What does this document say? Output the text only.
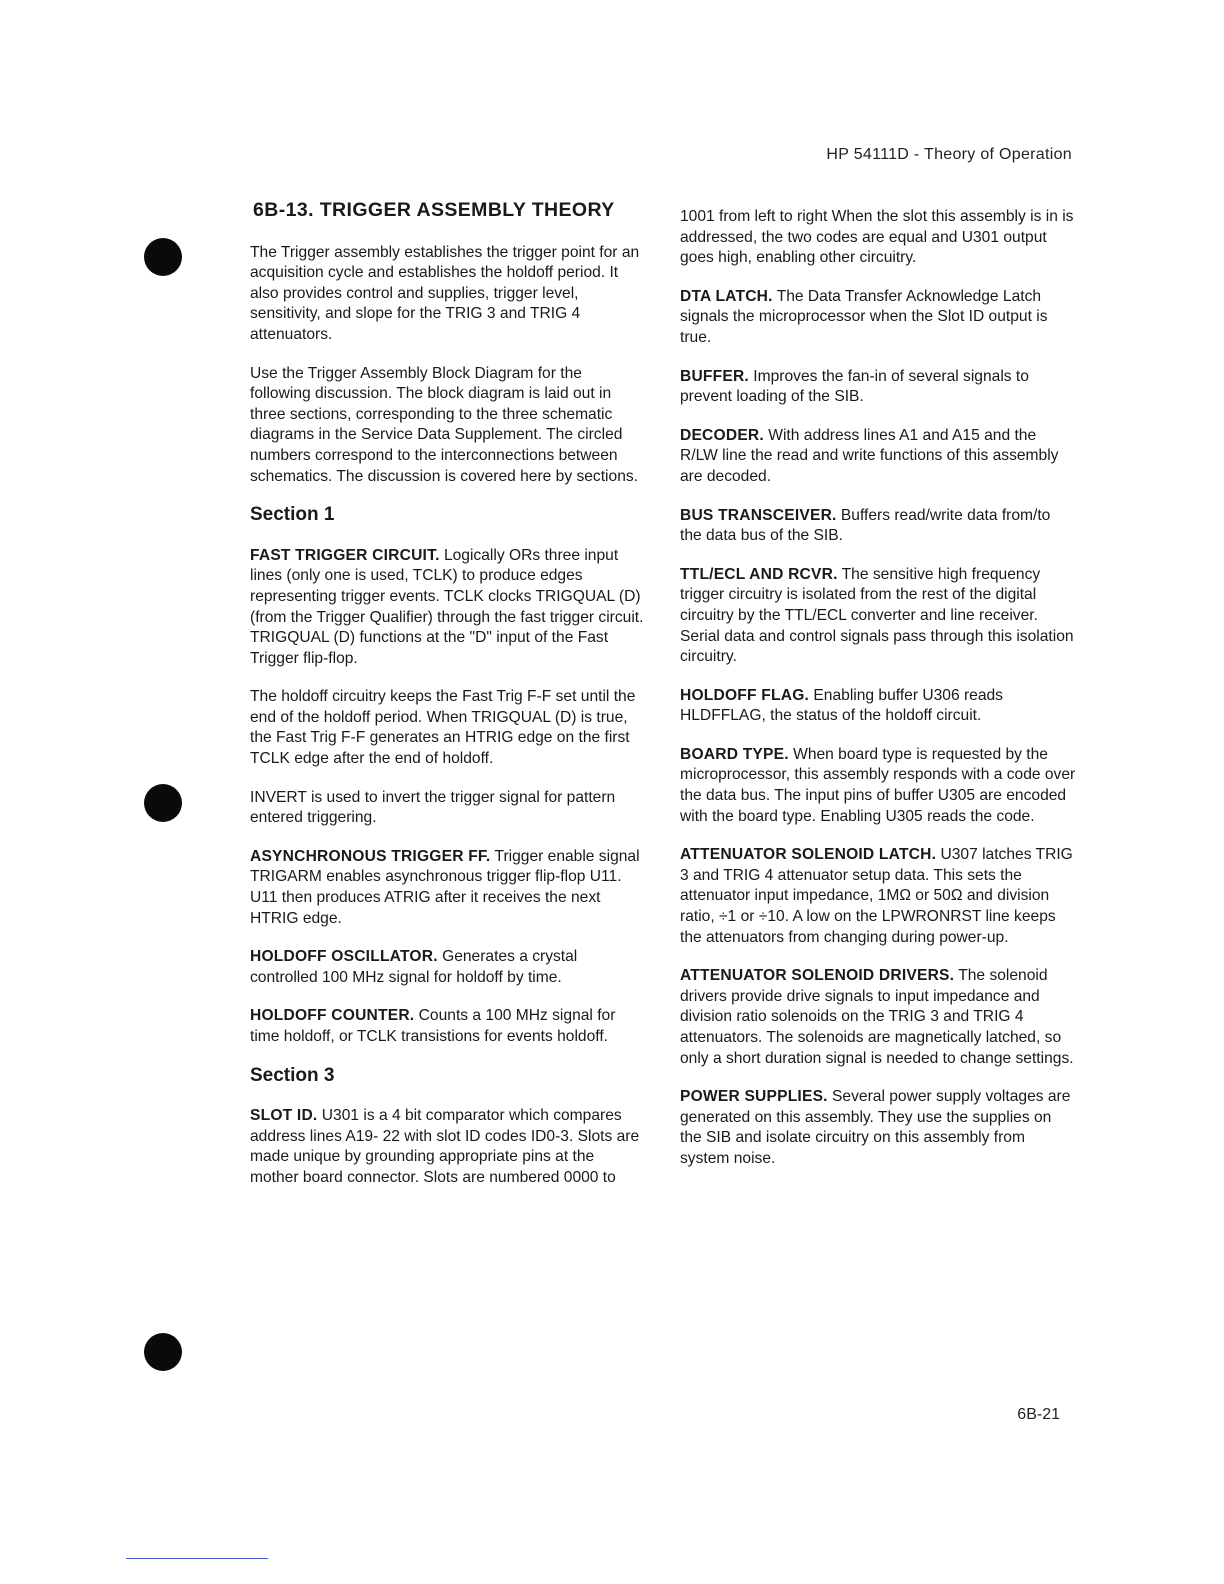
HP 54111D - Theory of Operation
6B-13. TRIGGER ASSEMBLY THEORY

The Trigger assembly establishes the trigger point for an acquisition cycle and establishes the holdoff period. It also provides control and supplies, trigger level, sensitivity, and slope for the TRIG 3 and TRIG 4 attenuators.

Use the Trigger Assembly Block Diagram for the following discussion. The block diagram is laid out in three sections, corresponding to the three schematic diagrams in the Service Data Supplement. The circled numbers correspond to the interconnections between schematics. The discussion is covered here by sections.

Section 1

FAST TRIGGER CIRCUIT. Logically ORs three input lines (only one is used, TCLK) to produce edges representing trigger events. TCLK clocks TRIGQUAL (D) (from the Trigger Qualifier) through the fast trigger circuit. TRIGQUAL (D) functions at the "D" input of the Fast Trigger flip-flop.

The holdoff circuitry keeps the Fast Trig F-F set until the end of the holdoff period. When TRIGQUAL (D) is true, the Fast Trig F-F generates an HTRIG edge on the first TCLK edge after the end of holdoff.

INVERT is used to invert the trigger signal for pattern entered triggering.

ASYNCHRONOUS TRIGGER FF. Trigger enable signal TRIGARM enables asynchronous trigger flip-flop U11. U11 then produces ATRIG after it receives the next HTRIG edge.

HOLDOFF OSCILLATOR. Generates a crystal controlled 100 MHz signal for holdoff by time.

HOLDOFF COUNTER. Counts a 100 MHz signal for time holdoff, or TCLK transistions for events holdoff.

Section 3

SLOT ID. U301 is a 4 bit comparator which compares address lines A19- 22 with slot ID codes ID0-3. Slots are made unique by grounding appropriate pins at the mother board connector. Slots are numbered 0000 to

1001 from left to right When the slot this assembly is in is addressed, the two codes are equal and U301 output goes high, enabling other circuitry.

DTA LATCH. The Data Transfer Acknowledge Latch signals the microprocessor when the Slot ID output is true.

BUFFER. Improves the fan-in of several signals to prevent loading of the SIB.

DECODER. With address lines A1 and A15 and the R/LW line the read and write functions of this assembly are decoded.

BUS TRANSCEIVER. Buffers read/write data from/to the data bus of the SIB.

TTL/ECL AND RCVR. The sensitive high frequency trigger circuitry is isolated from the rest of the digital circuitry by the TTL/ECL converter and line receiver. Serial data and control signals pass through this isolation circuitry.

HOLDOFF FLAG. Enabling buffer U306 reads HLDFFLAG, the status of the holdoff circuit.

BOARD TYPE. When board type is requested by the microprocessor, this assembly responds with a code over the data bus. The input pins of buffer U305 are encoded with the board type. Enabling U305 reads the code.

ATTENUATOR SOLENOID LATCH. U307 latches TRIG 3 and TRIG 4 attenuator setup data. This sets the attenuator input impedance, 1MΩ or 50Ω and division ratio, ÷1 or ÷10. A low on the LPWRONRST line keeps the attenuators from changing during power-up.

ATTENUATOR SOLENOID DRIVERS. The solenoid drivers provide drive signals to input impedance and division ratio solenoids on the TRIG 3 and TRIG 4 attenuators. The solenoids are magnetically latched, so only a short duration signal is needed to change settings.

POWER SUPPLIES. Several power supply voltages are generated on this assembly. They use the supplies on the SIB and isolate circuitry on this assembly from system noise.

6B-21
